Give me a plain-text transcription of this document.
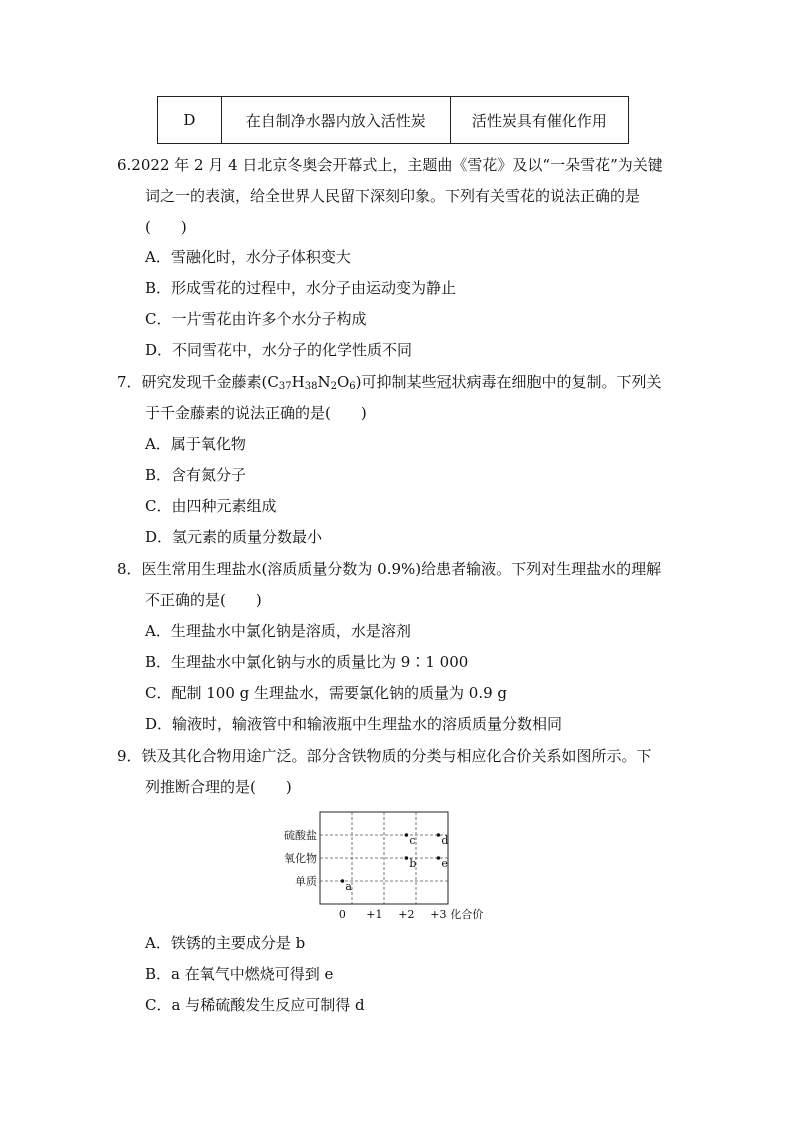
D	在自制净水器内放入活性炭	活性炭具有催化作用
6.2022 年 2 月 4 日北京冬奥会开幕式上，主题曲《雪花》及以“一朵雪花”为关键
词之一的表演，给全世界人民留下深刻印象。下列有关雪花的说法正确的是
(　　)
A．雪融化时，水分子体积变大
B．形成雪花的过程中，水分子由运动变为静止
C．一片雪花由许多个水分子构成
D．不同雪花中，水分子的化学性质不同
7．研究发现千金藤素$(C_{37}H_{38}N_2O_6)$可抑制某些冠状病毒在细胞中的复制。下列关
于千金藤素的说法正确的是(　　)
A．属于氧化物
B．含有氮分子
C．由四种元素组成
D．氢元素的质量分数最小
8．医生常用生理盐水(溶质质量分数为 0.9%)给患者输液。下列对生理盐水的理解
不正确的是(　　)
A．生理盐水中氯化钠是溶质，水是溶剂
B．生理盐水中氯化钠与水的质量比为 9∶1 000
C．配制 100 g 生理盐水，需要氯化钠的质量为 0.9 g
D．输液时，输液管中和输液瓶中生理盐水的溶质质量分数相同
9．铁及其化合物用途广泛。部分含铁物质的分类与相应化合价关系如图所示。下
列推断合理的是(　　)
单质
氧化物
硫酸盐
0 +1 +2 +3 化合价
a
b
c d
e
A．铁锈的主要成分是 b
B．a 在氧气中燃烧可得到 e
C．a 与稀硫酸发生反应可制得 d
